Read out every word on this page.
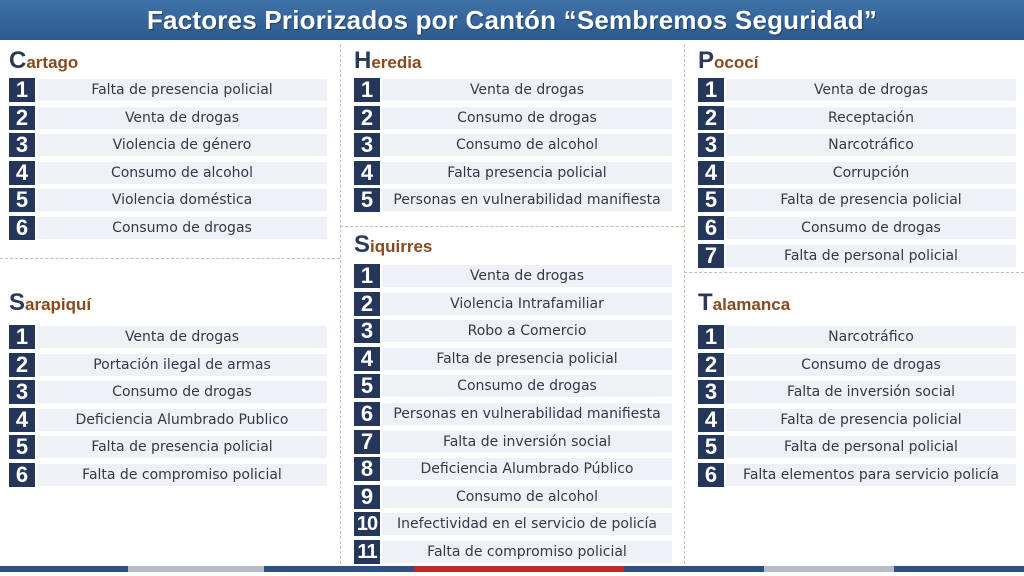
Factores Priorizados por Cantón “Sembremos Seguridad”
Cartago
1	Falta de presencia policial
2	Venta de drogas
3	Violencia de género
4	Consumo de alcohol
5	Violencia doméstica
6	Consumo de drogas
Sarapiquí
1	Venta de drogas
2	Portación ilegal de armas
3	Consumo de drogas
4	Deficiencia Alumbrado Publico
5	Falta de presencia policial
6	Falta de compromiso policial
Heredia
1	Venta de drogas
2	Consumo de drogas
3	Consumo de alcohol
4	Falta presencia policial
5	Personas en vulnerabilidad manifiesta
Siquirres
1	Venta de drogas
2	Violencia Intrafamiliar
3	Robo a Comercio
4	Falta de presencia policial
5	Consumo de drogas
6	Personas en vulnerabilidad manifiesta
7	Falta de inversión social
8	Deficiencia Alumbrado Público
9	Consumo de alcohol
10	Inefectividad en el servicio de policía
11	Falta de compromiso policial
Pococí
1	Venta de drogas
2	Receptación
3	Narcotráfico
4	Corrupción
5	Falta de presencia policial
6	Consumo de drogas
7	Falta de personal policial
Talamanca
1	Narcotráfico
2	Consumo de drogas
3	Falta de inversión social
4	Falta de presencia policial
5	Falta de personal policial
6	Falta elementos para servicio policía
